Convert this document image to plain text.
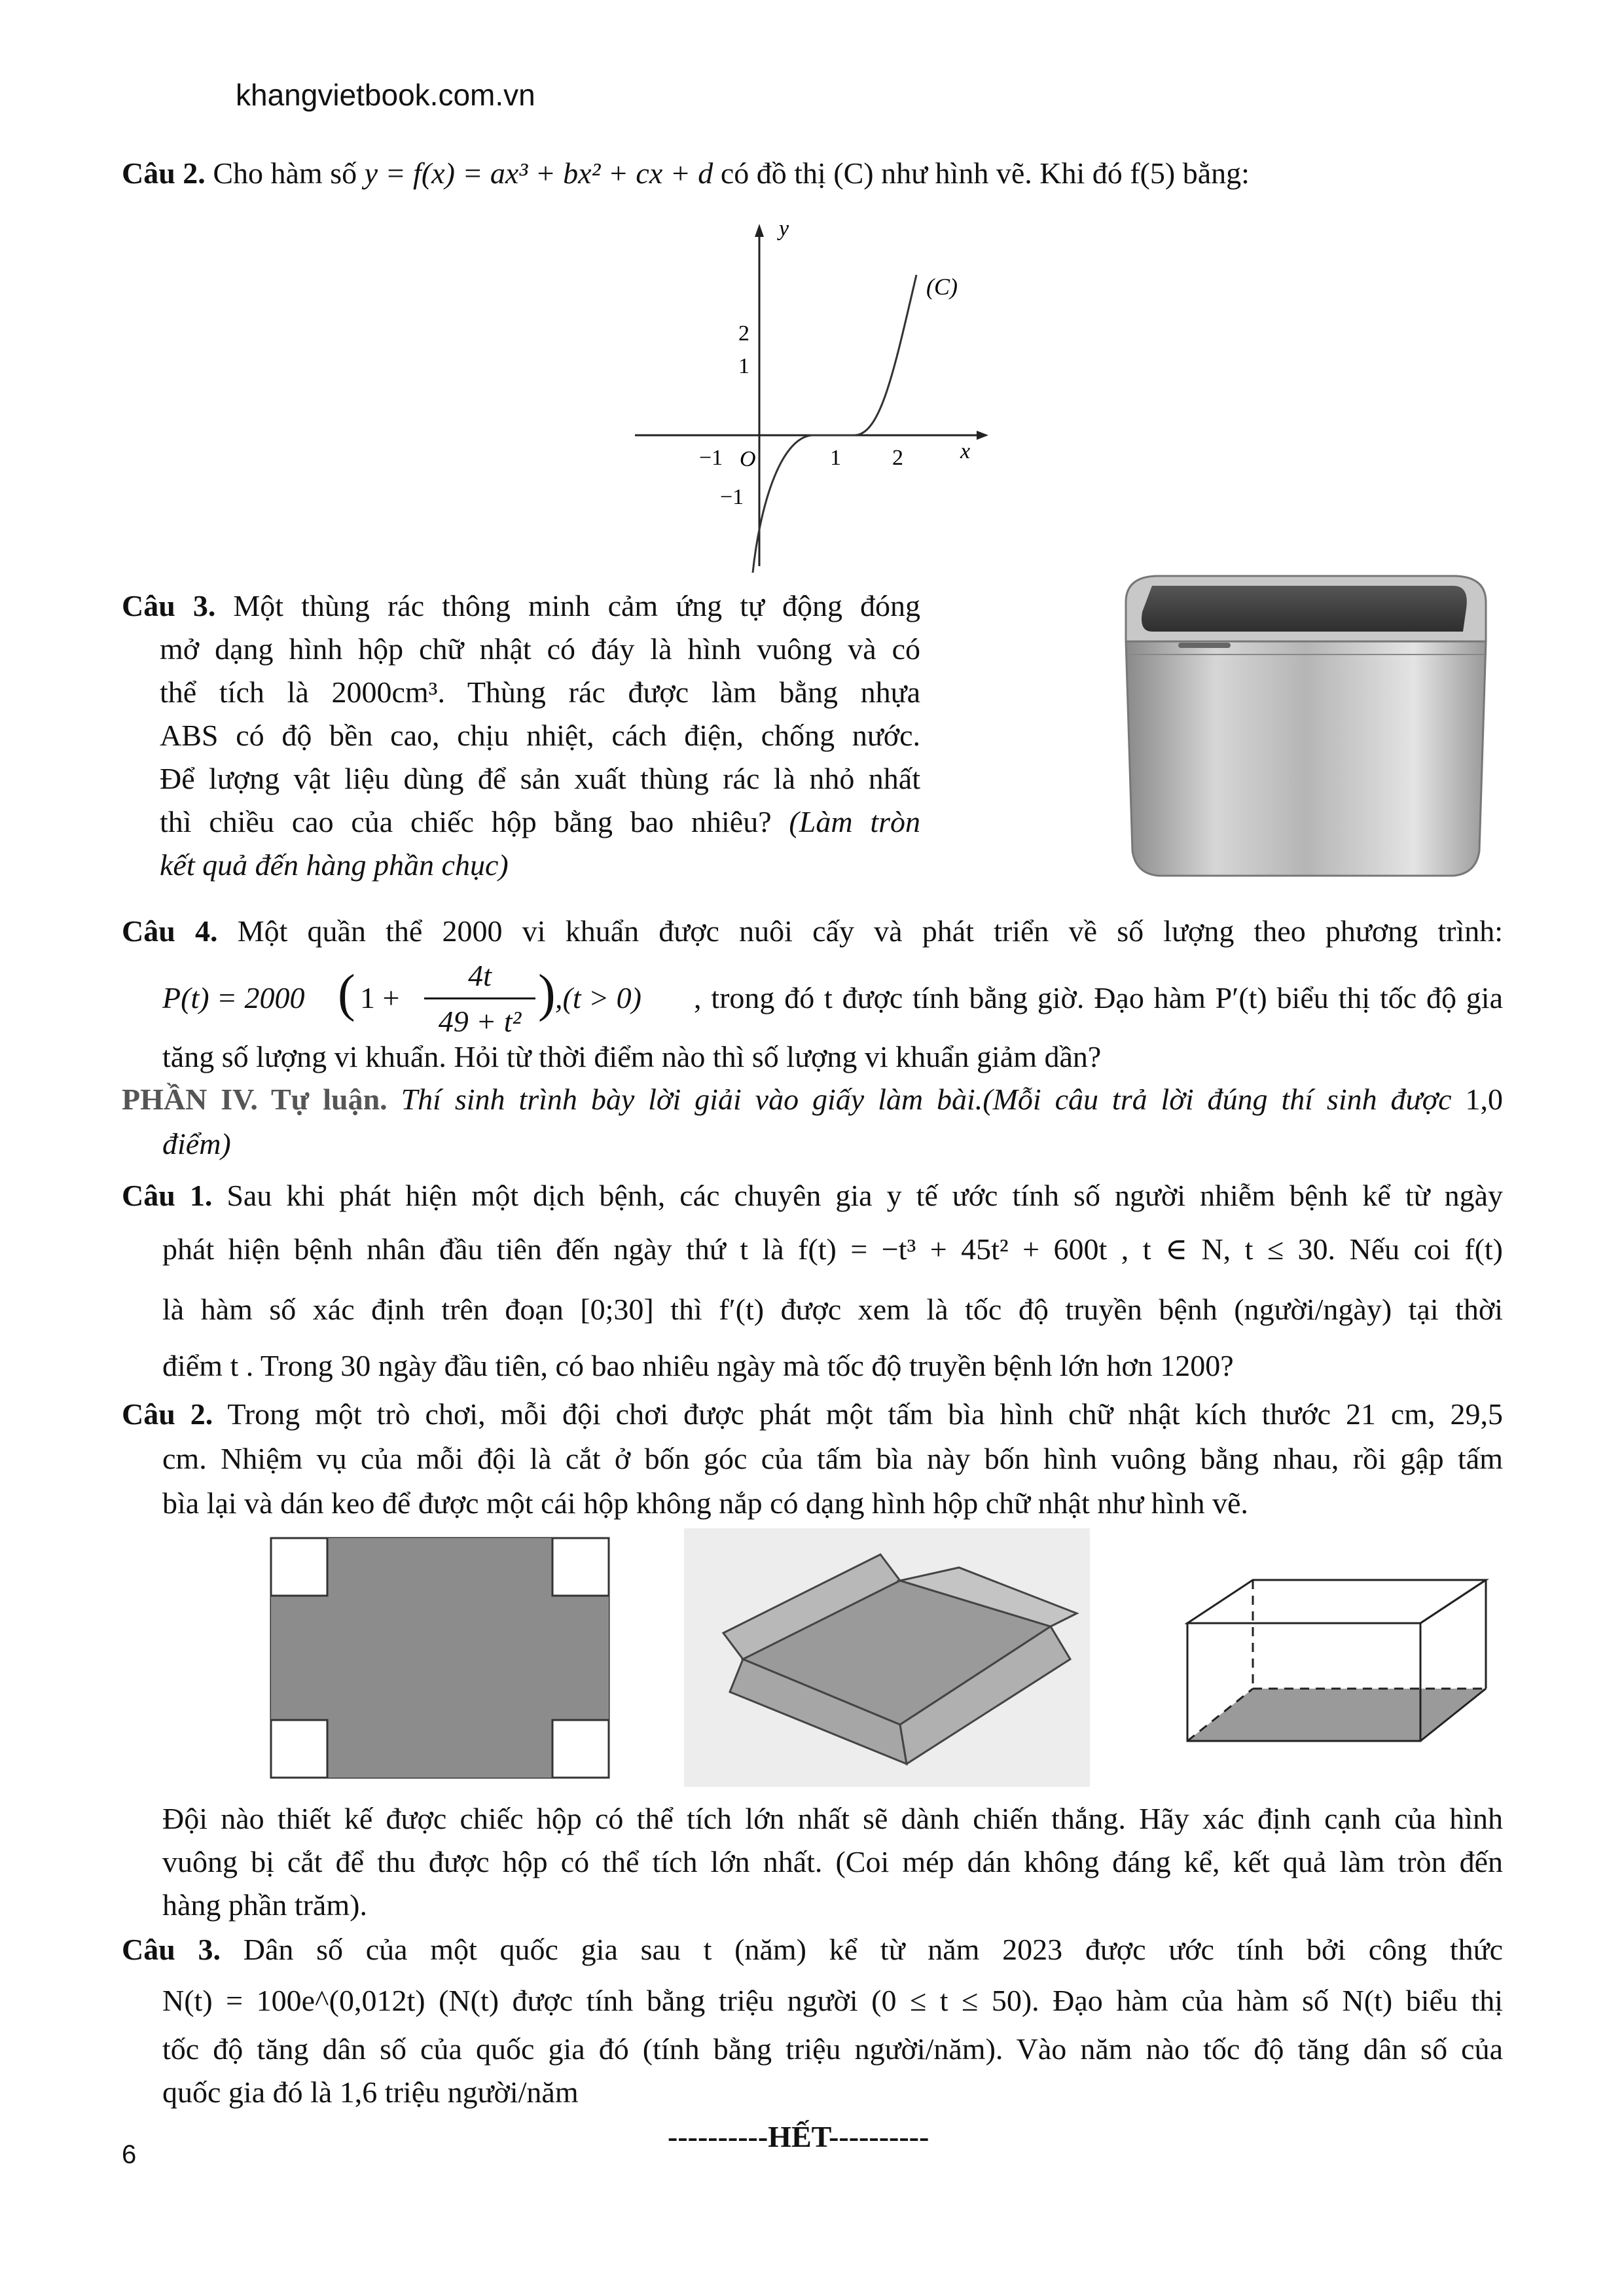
khangvietbook.com.vn
Câu 2. Cho hàm số y = f(x) = ax³ + bx² + cx + d có đồ thị (C) như hình vẽ. Khi đó f(5) bằng:
y
x
(C)
2
1
−1
−1 O	1 2
Câu 3. Một thùng rác thông minh cảm ứng tự động đóng
mở dạng hình hộp chữ nhật có đáy là hình vuông và có
thể tích là 2000cm³. Thùng rác được làm bằng nhựa
ABS có độ bền cao, chịu nhiệt, cách điện, chống nước.
Để lượng vật liệu dùng để sản xuất thùng rác là nhỏ nhất
thì chiều cao của chiếc hộp bằng bao nhiêu? (Làm tròn
kết quả đến hàng phần chục)
Câu 4. Một quần thể 2000 vi khuẩn được nuôi cấy và phát triển về số lượng theo phương trình:
P(t) = 2000 ( 1 +
4t
49 + t² ) ,(t > 0) , trong đó t được tính bằng giờ. Đạo hàm P′(t) biểu thị tốc độ gia
tăng số lượng vi khuẩn. Hỏi từ thời điểm nào thì số lượng vi khuẩn giảm dần?
PHẦN IV. Tự luận. Thí sinh trình bày lời giải vào giấy làm bài.(Mỗi câu trả lời đúng thí sinh được 1,0
điểm)
Câu 1. Sau khi phát hiện một dịch bệnh, các chuyên gia y tế ước tính số người nhiễm bệnh kể từ ngày
phát hiện bệnh nhân đầu tiên đến ngày thứ t là f(t) = −t³ + 45t² + 600t , t ∈ N, t ≤ 30. Nếu coi f(t)
là hàm số xác định trên đoạn [0;30] thì f′(t) được xem là tốc độ truyền bệnh (người/ngày) tại thời
điểm t . Trong 30 ngày đầu tiên, có bao nhiêu ngày mà tốc độ truyền bệnh lớn hơn 1200?
Câu 2. Trong một trò chơi, mỗi đội chơi được phát một tấm bìa hình chữ nhật kích thước 21 cm, 29,5
cm. Nhiệm vụ của mỗi đội là cắt ở bốn góc của tấm bìa này bốn hình vuông bằng nhau, rồi gập tấm
bìa lại và dán keo để được một cái hộp không nắp có dạng hình hộp chữ nhật như hình vẽ.
Đội nào thiết kế được chiếc hộp có thể tích lớn nhất sẽ dành chiến thắng. Hãy xác định cạnh của hình
vuông bị cắt để thu được hộp có thể tích lớn nhất. (Coi mép dán không đáng kể, kết quả làm tròn đến
hàng phần trăm).
Câu 3. Dân số của một quốc gia sau t (năm) kể từ năm 2023 được ước tính bởi công thức
N(t) = 100e^(0,012t) (N(t) được tính bằng triệu người (0 ≤ t ≤ 50). Đạo hàm của hàm số N(t) biểu thị
tốc độ tăng dân số của quốc gia đó (tính bằng triệu người/năm). Vào năm nào tốc độ tăng dân số của
quốc gia đó là 1,6 triệu người/năm
----------HẾT----------
6
